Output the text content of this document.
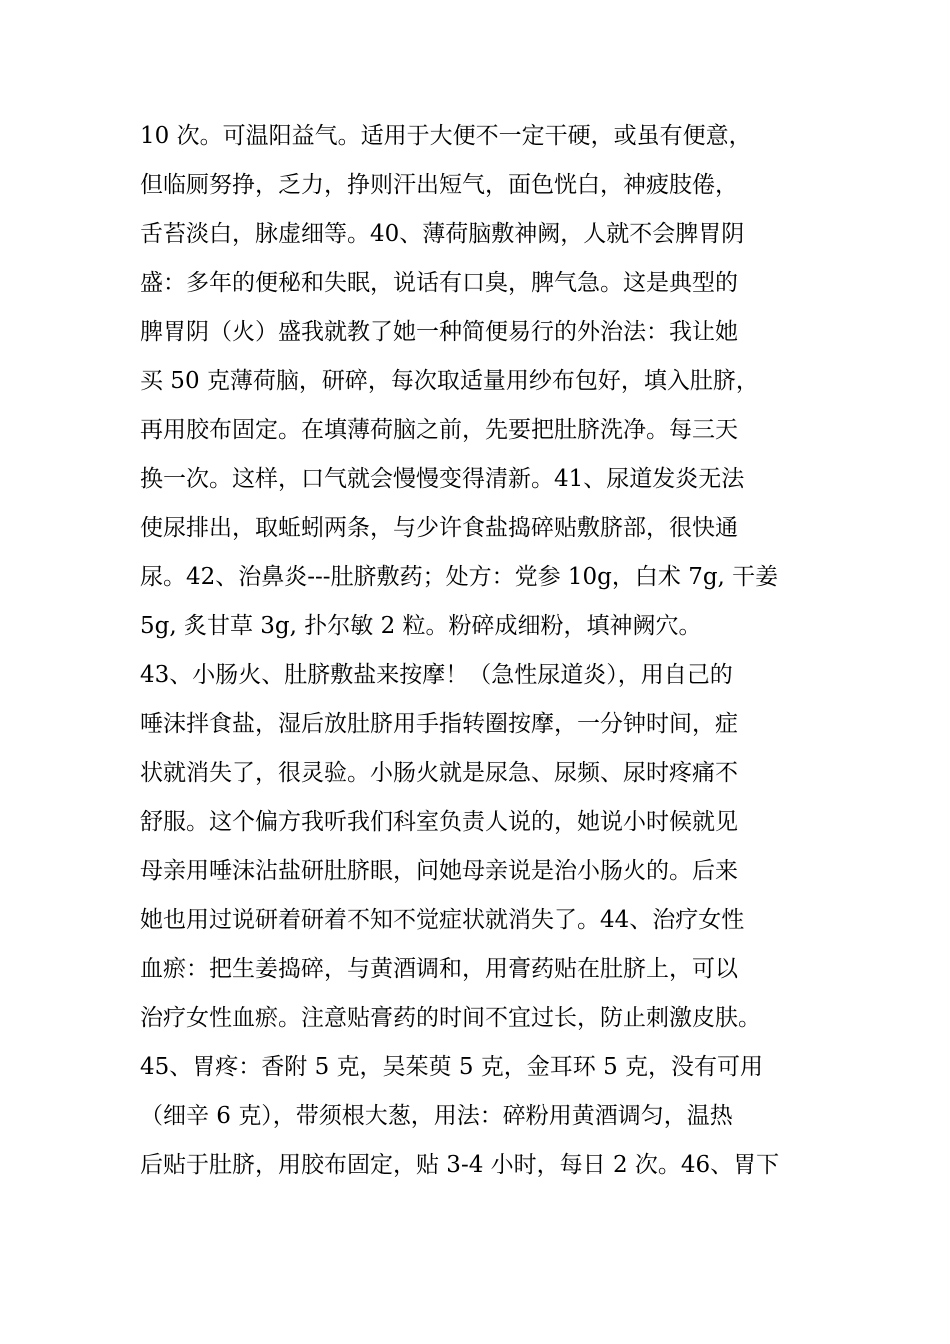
10 次。可温阳益气。适用于大便不一定干硬，或虽有便意，
但临厕努挣，乏力，挣则汗出短气，面色恍白，神疲肢倦，
舌苔淡白，脉虚细等。40、薄荷脑敷神阙，人就不会脾胃阴
盛：多年的便秘和失眠，说话有口臭，脾气急。这是典型的
脾胃阴（火）盛我就教了她一种简便易行的外治法：我让她
买 50 克薄荷脑，研碎，每次取适量用纱布包好，填入肚脐，
再用胶布固定。在填薄荷脑之前，先要把肚脐洗净。每三天
换一次。这样，口气就会慢慢变得清新。41、尿道发炎无法
使尿排出，取蚯蚓两条，与少许食盐捣碎贴敷脐部，很快通
尿。42、治鼻炎---肚脐敷药；处方：党参 10g，白术 7g, 干姜
5g, 炙甘草 3g, 扑尔敏 2 粒。粉碎成细粉，填神阙穴。
43、小肠火、肚脐敷盐来按摩！（急性尿道炎），用自己的
唾沫拌食盐，湿后放肚脐用手指转圈按摩，一分钟时间，症
状就消失了，很灵验。小肠火就是尿急、尿频、尿时疼痛不
舒服。这个偏方我听我们科室负责人说的，她说小时候就见
母亲用唾沫沾盐研肚脐眼，问她母亲说是治小肠火的。后来
她也用过说研着研着不知不觉症状就消失了。44、治疗女性
血瘀：把生姜捣碎，与黄酒调和，用膏药贴在肚脐上，可以
治疗女性血瘀。注意贴膏药的时间不宜过长，防止刺激皮肤。
45、胃疼：香附 5 克，吴茱萸 5 克，金耳环 5 克，没有可用
（细辛 6 克），带须根大葱，用法：碎粉用黄酒调匀，温热
后贴于肚脐，用胶布固定，贴 3-4 小时，每日 2 次。46、胃下
